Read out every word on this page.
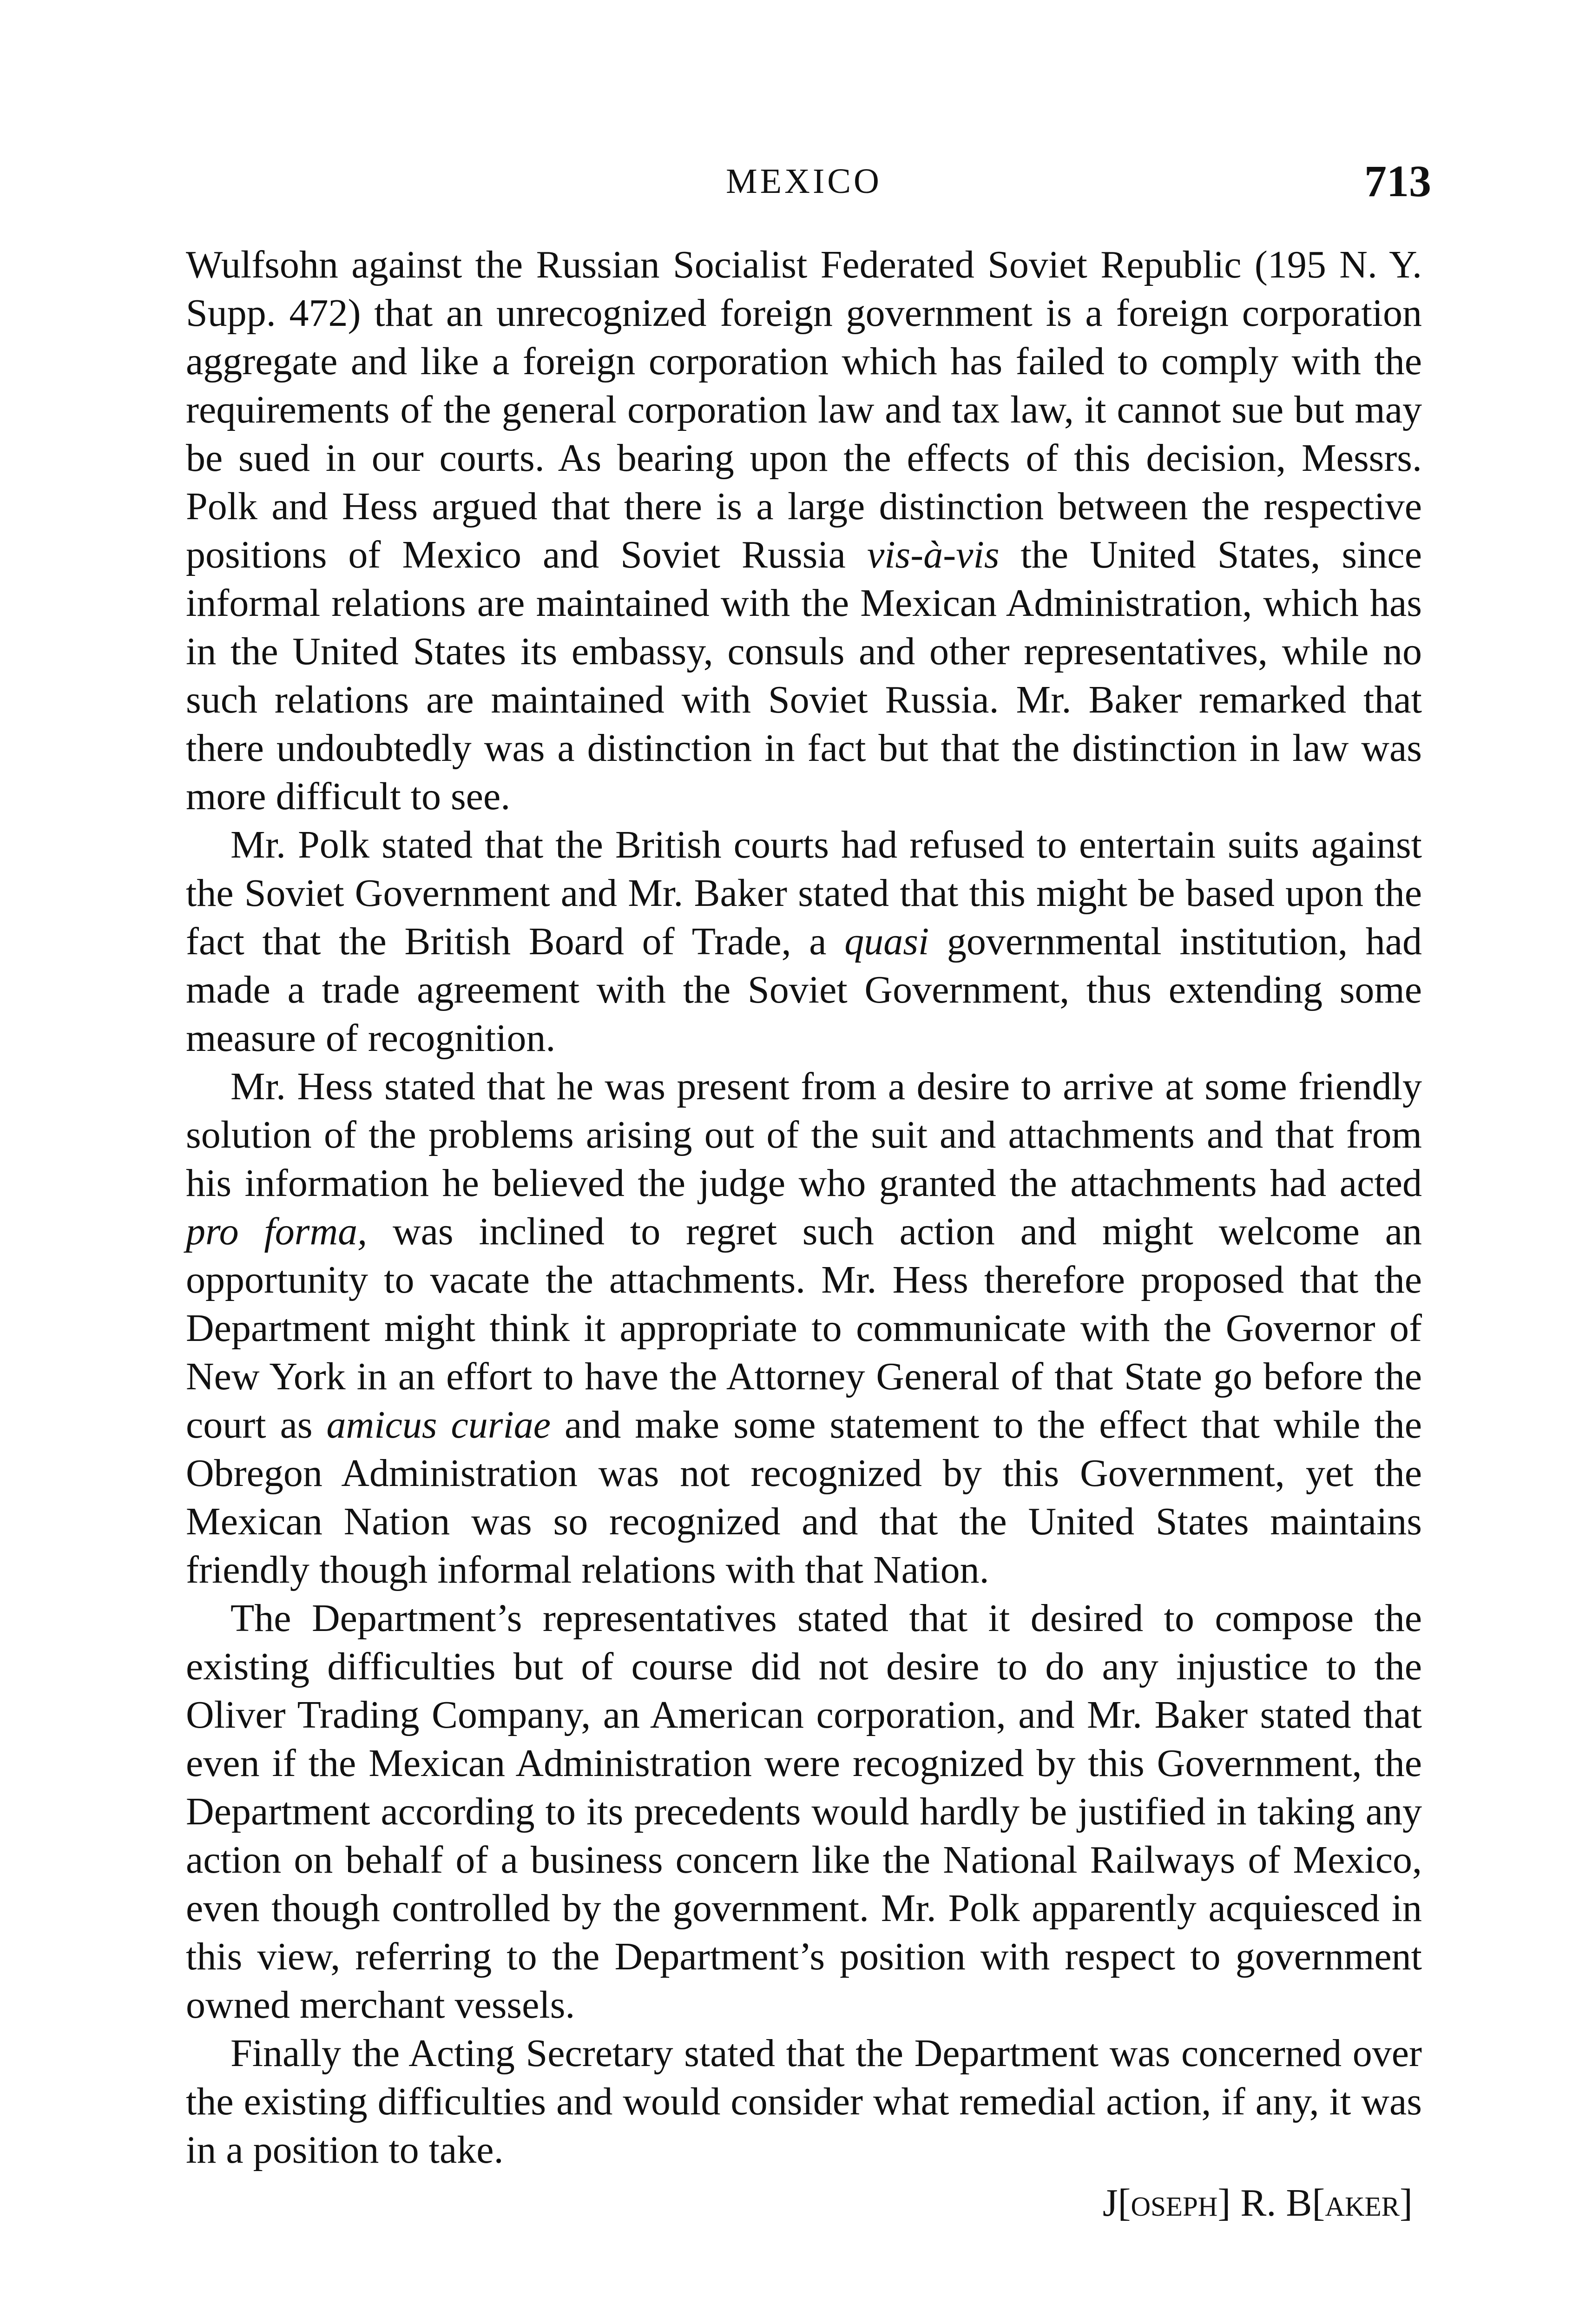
MEXICO	713

Wulfsohn against the Russian Socialist Federated Soviet Republic (195 N. Y. Supp. 472) that an unrecognized foreign government is a foreign corporation aggregate and like a foreign corporation which has failed to comply with the requirements of the general corporation law and tax law, it cannot sue but may be sued in our courts. As bearing upon the effects of this decision, Messrs. Polk and Hess argued that there is a large distinction between the respective positions of Mexico and Soviet Russia vis-à-vis the United States, since informal relations are maintained with the Mexican Administration, which has in the United States its embassy, consuls and other representatives, while no such relations are maintained with Soviet Russia. Mr. Baker remarked that there undoubtedly was a distinction in fact but that the distinction in law was more difficult to see.

Mr. Polk stated that the British courts had refused to entertain suits against the Soviet Government and Mr. Baker stated that this might be based upon the fact that the British Board of Trade, a quasi governmental institution, had made a trade agreement with the Soviet Government, thus extending some measure of recognition.

Mr. Hess stated that he was present from a desire to arrive at some friendly solution of the problems arising out of the suit and attachments and that from his information he believed the judge who granted the attachments had acted pro forma, was inclined to regret such action and might welcome an opportunity to vacate the attachments. Mr. Hess therefore proposed that the Department might think it appropriate to communicate with the Governor of New York in an effort to have the Attorney General of that State go before the court as amicus curiae and make some statement to the effect that while the Obregon Administration was not recognized by this Government, yet the Mexican Nation was so recognized and that the United States maintains friendly though informal relations with that Nation.

The Department’s representatives stated that it desired to compose the existing difficulties but of course did not desire to do any injustice to the Oliver Trading Company, an American corporation, and Mr. Baker stated that even if the Mexican Administration were recognized by this Government, the Department according to its precedents would hardly be justified in taking any action on behalf of a business concern like the National Railways of Mexico, even though controlled by the government. Mr. Polk apparently acquiesced in this view, referring to the Department’s position with respect to government owned merchant vessels.

Finally the Acting Secretary stated that the Department was concerned over the existing difficulties and would consider what remedial action, if any, it was in a position to take.

J[oseph] R. B[aker]
